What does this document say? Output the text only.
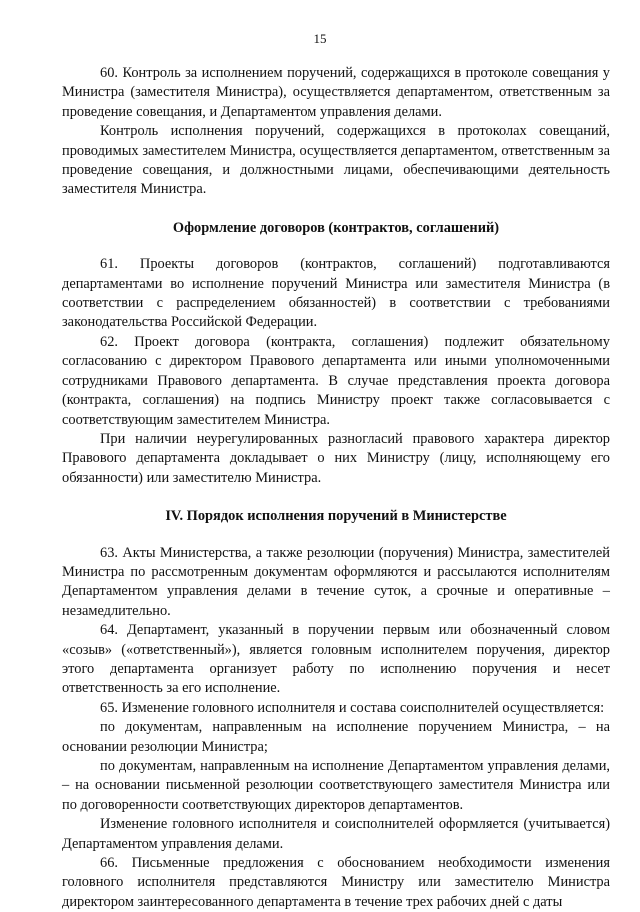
15

60. Контроль за исполнением поручений, содержащихся в протоколе совещания у Министра (заместителя Министра), осуществляется департаментом, ответственным за проведение совещания, и Департаментом управления делами.

Контроль исполнения поручений, содержащихся в протоколах совещаний, проводимых заместителем Министра, осуществляется департаментом, ответственным за проведение совещания, и должностными лицами, обеспечивающими деятельность заместителя Министра.

Оформление договоров (контрактов, соглашений)

61. Проекты договоров (контрактов, соглашений) подготавливаются департаментами во исполнение поручений Министра или заместителя Министра (в соответствии с распределением обязанностей) в соответствии с требованиями законодательства Российской Федерации.

62. Проект договора (контракта, соглашения) подлежит обязательному согласованию с директором Правового департамента или иными уполномоченными сотрудниками Правового департамента. В случае представления проекта договора (контракта, соглашения) на подпись Министру проект также согласовывается с соответствующим заместителем Министра.

При наличии неурегулированных разногласий правового характера директор Правового департамента докладывает о них Министру (лицу, исполняющему его обязанности) или заместителю Министра.

IV. Порядок исполнения поручений в Министерстве

63. Акты Министерства, а также резолюции (поручения) Министра, заместителей Министра по рассмотренным документам оформляются и рассылаются исполнителям Департаментом управления делами в течение суток, а срочные и оперативные – незамедлительно.

64. Департамент, указанный в поручении первым или обозначенный словом «созыв» («ответственный»), является головным исполнителем поручения, директор этого департамента организует работу по исполнению поручения и несет ответственность за его исполнение.

65. Изменение головного исполнителя и состава соисполнителей осуществляется:

по документам, направленным на исполнение поручением Министра, – на основании резолюции Министра;

по документам, направленным на исполнение Департаментом управления делами, – на основании письменной резолюции соответствующего заместителя Министра или по договоренности соответствующих директоров департаментов.

Изменение головного исполнителя и соисполнителей оформляется (учитывается) Департаментом управления делами.

66. Письменные предложения с обоснованием необходимости изменения головного исполнителя представляются Министру или заместителю Министра директором заинтересованного департамента в течение трех рабочих дней с даты
